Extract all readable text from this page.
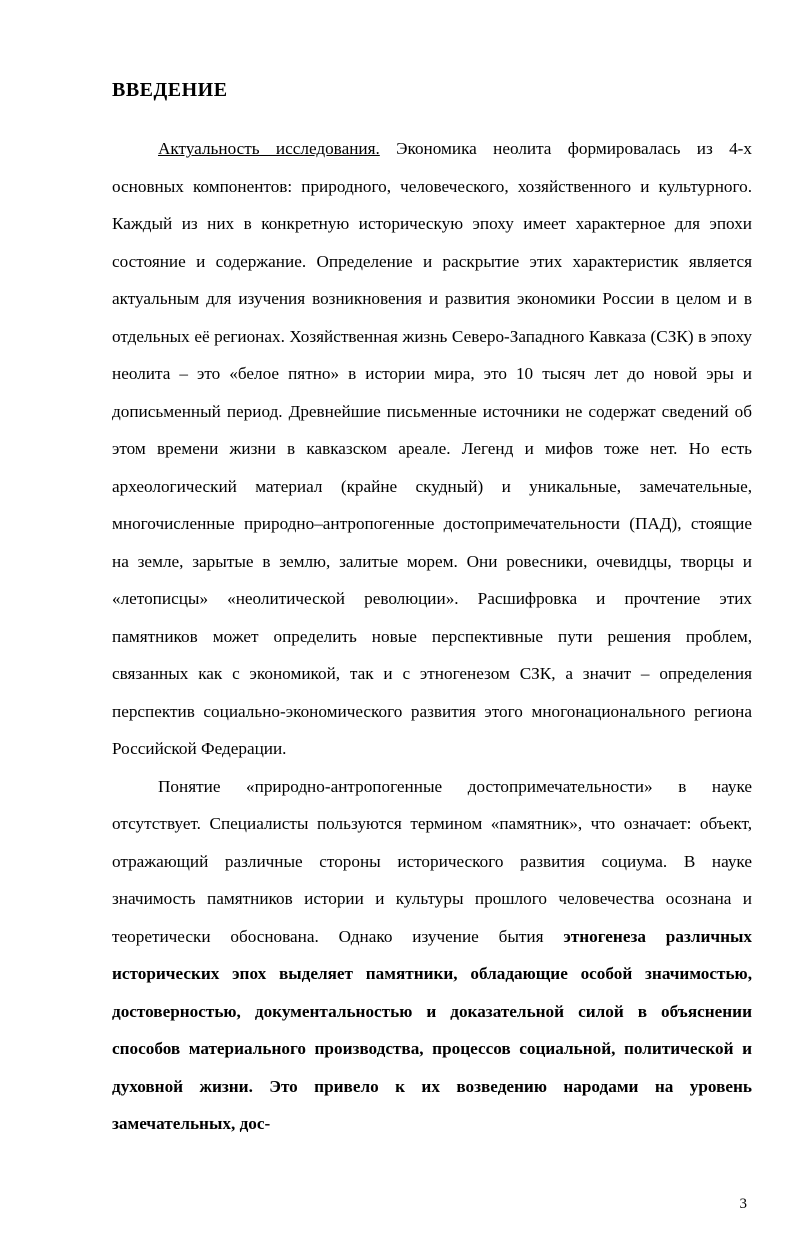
ВВЕДЕНИЕ

Актуальность исследования. Экономика неолита формировалась из 4-х основных компонентов: природного, человеческого, хозяйственного и культурного. Каждый из них в конкретную историческую эпоху имеет характерное для эпохи состояние и содержание. Определение и раскрытие этих характеристик является актуальным для изучения возникновения и развития экономики России в целом и в отдельных её регионах. Хозяйственная жизнь Северо-Западного Кавказа (СЗК) в эпоху неолита – это «белое пятно» в истории мира, это 10 тысяч лет до новой эры и дописьменный период. Древнейшие письменные источники не содержат сведений об этом времени жизни в кавказском ареале. Легенд и мифов тоже нет. Но есть археологический материал (крайне скудный) и уникальные, замечательные, многочисленные природно–антропогенные достопримечательности (ПАД), стоящие на земле, зарытые в землю, залитые морем. Они ровесники, очевидцы, творцы и «летописцы» «неолитической революции». Расшифровка и прочтение этих памятников может определить новые перспективные пути решения проблем, связанных как с экономикой, так и с этногенезом СЗК, а значит – определения перспектив социально-экономического развития этого многонационального региона Российской Федерации.

Понятие «природно-антропогенные достопримечательности» в науке отсутствует. Специалисты пользуются термином «памятник», что означает: объект, отражающий различные стороны исторического развития социума. В науке значимость памятников истории и культуры прошлого человечества осознана и теоретически обоснована. Однако изучение бытия этногенеза различных исторических эпох выделяет памятники, обладающие особой значимостью, достоверностью, документальностью и доказательной силой в объяснении способов материального производства, процессов социальной, политической и духовной жизни. Это привело к их возведению народами на уровень замечательных, дос-

3
